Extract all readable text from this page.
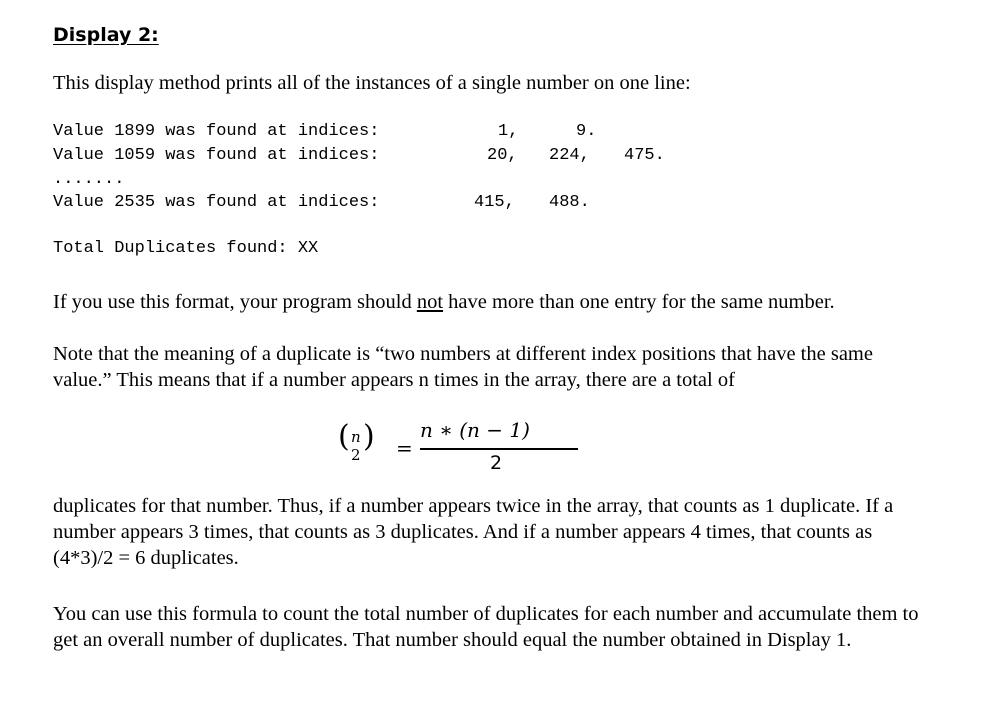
Display 2:
This display method prints all of the instances of a single number on one line:
Value 1899 was found at indices:	1,	9.
Value 1059 was found at indices:	20, 224, 475.
.......
Value 2535 was found at indices:	415, 488.
Total Duplicates found: XX
If you use this format, your program should not have more than one entry for the same number.
Note that the meaning of a duplicate is “two numbers at different index positions that have the same value.” This means that if a number appears n times in the array, there are a total of
duplicates for that number. Thus, if a number appears twice in the array, that counts as 1 duplicate. If a number appears 3 times, that counts as 3 duplicates. And if a number appears 4 times, that counts as (4*3)/2 = 6 duplicates.
You can use this formula to count the total number of duplicates for each number and accumulate them to get an overall number of duplicates. That number should equal the number obtained in Display 1.
( n
2
) =
n ∗ (n − 1)
2
